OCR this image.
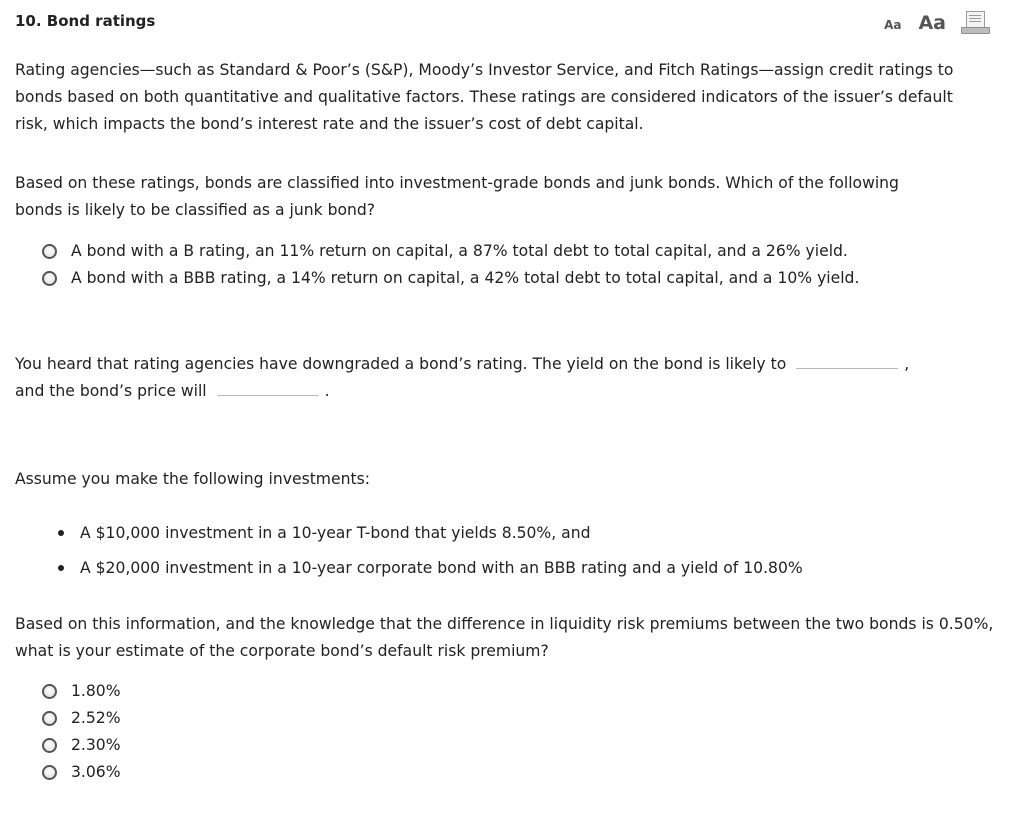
10. Bond ratings	Aa Aa

Rating agencies—such as Standard & Poor’s (S&P), Moody’s Investor Service, and Fitch Ratings—assign credit ratings to bonds based on both quantitative and qualitative factors. These ratings are considered indicators of the issuer’s default risk, which impacts the bond’s interest rate and the issuer’s cost of debt capital.

Based on these ratings, bonds are classified into investment-grade bonds and junk bonds. Which of the following bonds is likely to be classified as a junk bond?

A bond with a B rating, an 11% return on capital, a 87% total debt to total capital, and a 26% yield.
A bond with a BBB rating, a 14% return on capital, a 42% total debt to total capital, and a 10% yield.

You heard that rating agencies have downgraded a bond’s rating. The yield on the bond is likely to	,
and the bond’s price will	.

Assume you make the following investments:

A $10,000 investment in a 10-year T-bond that yields 8.50%, and
A $20,000 investment in a 10-year corporate bond with an BBB rating and a yield of 10.80%

Based on this information, and the knowledge that the difference in liquidity risk premiums between the two bonds is 0.50%, what is your estimate of the corporate bond’s default risk premium?

1.80%
2.52%
2.30%
3.06%
